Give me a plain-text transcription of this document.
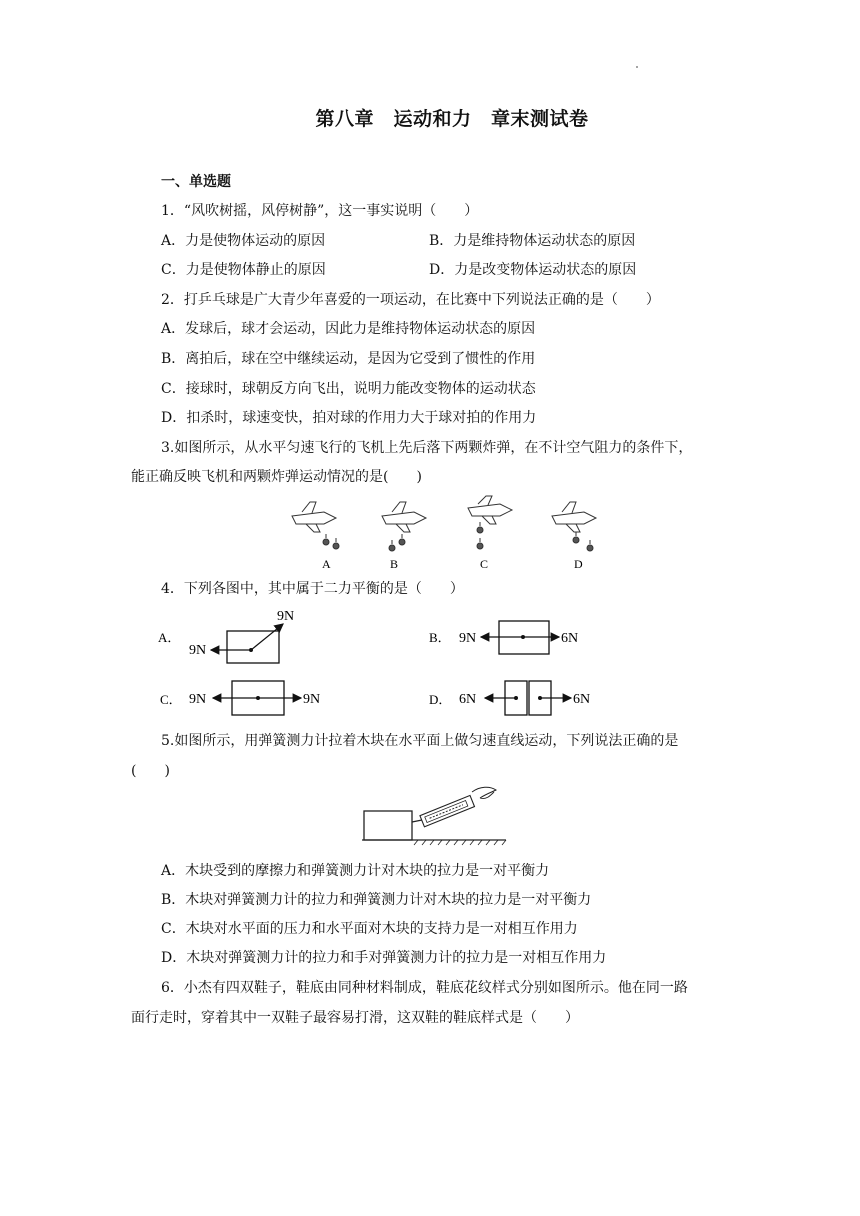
第八章　运动和力　章末测试卷
一、单选题
1．“风吹树摇，风停树静”，这一事实说明（　　）
A．力是使物体运动的原因	B．力是维持物体运动状态的原因
C．力是使物体静止的原因	D．力是改变物体运动状态的原因
2．打乒乓球是广大青少年喜爱的一项运动，在比赛中下列说法正确的是（　　）
A．发球后，球才会运动，因此力是维持物体运动状态的原因
B．离拍后，球在空中继续运动，是因为它受到了惯性的作用
C．接球时，球朝反方向飞出，说明力能改变物体的运动状态
D．扣杀时，球速变快，拍对球的作用力大于球对拍的作用力
3.如图所示，从水平匀速飞行的飞机上先后落下两颗炸弹，在不计空气阻力的条件下，
能正确反映飞机和两颗炸弹运动情况的是(　　)
A	B	C	D
4．下列各图中，其中属于二力平衡的是（　　）
A．
9N
9N
B． 9N	6N
C． 9N	9N	D． 6N	6N
5.如图所示，用弹簧测力计拉着木块在水平面上做匀速直线运动，下列说法正确的是
(　　)
A．木块受到的摩擦力和弹簧测力计对木块的拉力是一对平衡力
B．木块对弹簧测力计的拉力和弹簧测力计对木块的拉力是一对平衡力
C．木块对水平面的压力和水平面对木块的支持力是一对相互作用力
D．木块对弹簧测力计的拉力和手对弹簧测力计的拉力是一对相互作用力
6．小杰有四双鞋子，鞋底由同种材料制成，鞋底花纹样式分别如图所示。他在同一路
面行走时，穿着其中一双鞋子最容易打滑，这双鞋的鞋底样式是（　　）
